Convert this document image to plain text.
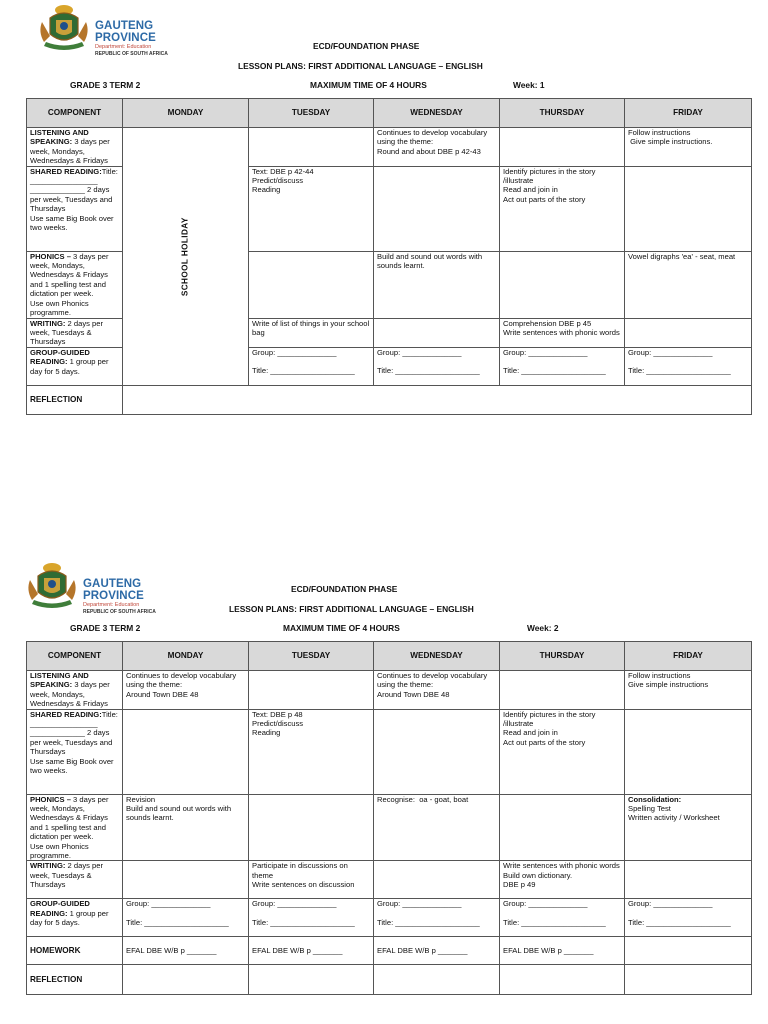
GAUTENG PROVINCE
Department: Education
REPUBLIC OF SOUTH AFRICA
ECD/FOUNDATION PHASE
LESSON PLANS: FIRST ADDITIONAL LANGUAGE – ENGLISH
GRADE 3 TERM 2	MAXIMUM TIME OF 4 HOURS	Week: 1
COMPONENT	MONDAY	TUESDAY	WEDNESDAY	THURSDAY	FRIDAY
LISTENING AND SPEAKING: 3 days per week, Mondays, Wednesdays & Fridays	SCHOOL HOLIDAY		Continues to develop vocabulary using the theme:
Round and about DBE p 42-43		Follow instructions
Give simple instructions.

SHARED READING:Title: ________________
_____________ 2 days per week, Tuesdays and Thursdays
Use same Big Book over two weeks.		Text: DBE p 42-44
Predict/discuss
Reading		Identify pictures in the story /illustrate
Read and join in
Act out parts of the story	

PHONICS – 3 days per week, Mondays, Wednesdays & Fridays and 1 spelling test and dictation per week.
Use own Phonics programme.			Build and sound out words with sounds learnt.		Vowel digraphs 'ea' - seat, meat

WRITING: 2 days per week, Tuesdays & Thursdays		Write of list of things in your school bag		Comprehension DBE p 45
Write sentences with phonic words	

GROUP-GUIDED READING: 1 group per day for 5 days.		Group: ______________
Title: ____________________	Group: ______________
Title: ____________________	Group: ______________
Title: ____________________	Group: ______________
Title: ____________________

REFLECTION					
GAUTENG PROVINCE
Department: Education
REPUBLIC OF SOUTH AFRICA
ECD/FOUNDATION PHASE
LESSON PLANS: FIRST ADDITIONAL LANGUAGE – ENGLISH
GRADE 3 TERM 2	MAXIMUM TIME OF 4 HOURS	Week: 2
COMPONENT	MONDAY	TUESDAY	WEDNESDAY	THURSDAY	FRIDAY
LISTENING AND SPEAKING: 3 days per week, Mondays, Wednesdays & Fridays	Continues to develop vocabulary using the theme:
Around Town DBE 48		Continues to develop vocabulary using the theme:
Around Town DBE 48		Follow instructions
Give simple instructions

SHARED READING:Title: ________________
_____________ 2 days per week, Tuesdays and Thursdays
Use same Big Book over two weeks.		Text: DBE p 48
Predict/discuss
Reading		Identify pictures in the story /illustrate
Read and join in
Act out parts of the story	

PHONICS – 3 days per week, Mondays, Wednesdays & Fridays and 1 spelling test and dictation per week.
Use own Phonics programme.	Revision
Build and sound out words with sounds learnt.		Recognise:  oa - goat, boat		Consolidation:
Spelling Test
Written activity / Worksheet

WRITING: 2 days per week, Tuesdays & Thursdays		Participate in discussions on theme
Write sentences on discussion		Write sentences with phonic words
Build own dictionary.
DBE p 49	

GROUP-GUIDED READING: 1 group per day for 5 days.	Group: ______________
Title: ____________________	Group: ______________
Title: ____________________	Group: ______________
Title: ____________________	Group: ______________
Title: ____________________	Group: ______________
Title: ____________________

HOMEWORK	EFAL DBE W/B p _______	EFAL DBE W/B p _______	EFAL DBE W/B p _______	EFAL DBE W/B p _______	
REFLECTION					
